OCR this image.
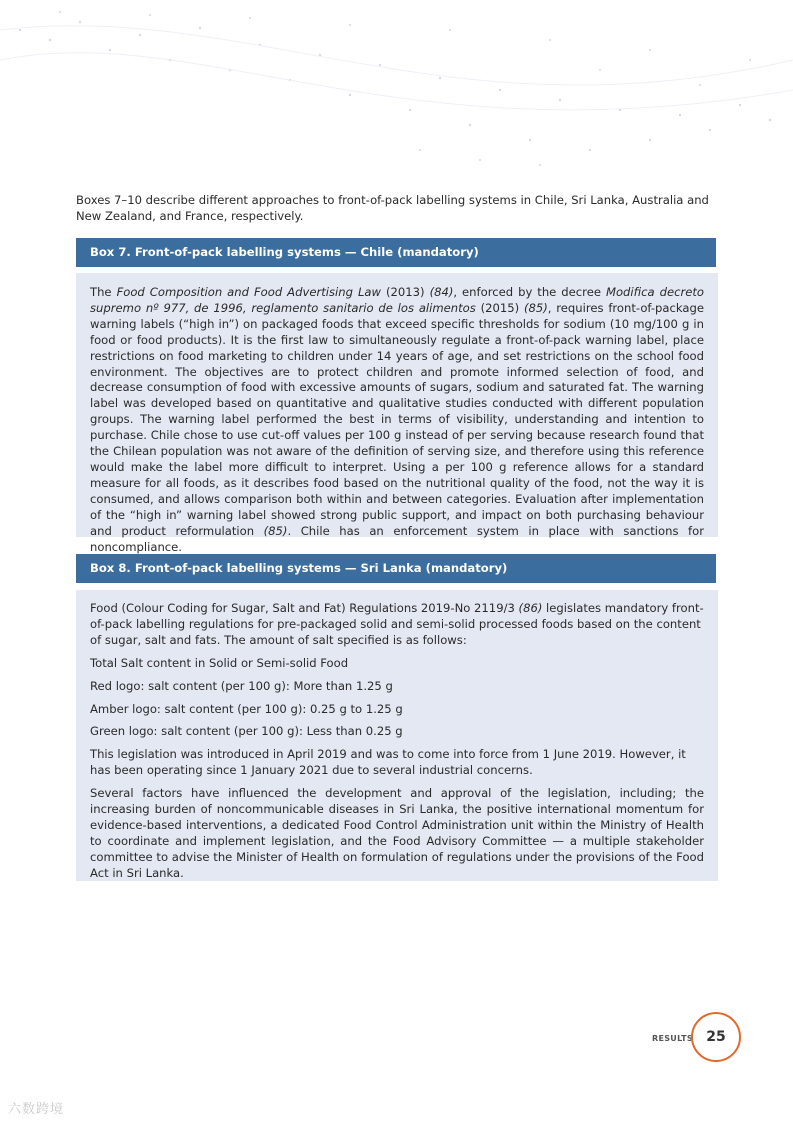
Boxes 7–10 describe different approaches to front-of-pack labelling systems in Chile, Sri Lanka, Australia and New Zealand, and France, respectively.

Box 7. Front-of-pack labelling systems — Chile (mandatory)

The Food Composition and Food Advertising Law (2013) (84), enforced by the decree Modifica decreto supremo nº 977, de 1996, reglamento sanitario de los alimentos (2015) (85), requires front-of-package warning labels (“high in”) on packaged foods that exceed specific thresholds for sodium (10 mg/100 g in food or food products). It is the first law to simultaneously regulate a front-of-pack warning label, place restrictions on food marketing to children under 14 years of age, and set restrictions on the school food environment. The objectives are to protect children and promote informed selection of food, and decrease consumption of food with excessive amounts of sugars, sodium and saturated fat. The warning label was developed based on quantitative and qualitative studies conducted with different population groups. The warning label performed the best in terms of visibility, understanding and intention to purchase. Chile chose to use cut-off values per 100 g instead of per serving because research found that the Chilean population was not aware of the definition of serving size, and therefore using this reference would make the label more difficult to interpret. Using a per 100 g reference allows for a standard measure for all foods, as it describes food based on the nutritional quality of the food, not the way it is consumed, and allows comparison both within and between categories. Evaluation after implementation of the “high in” warning label showed strong public support, and impact on both purchasing behaviour and product reformulation (85). Chile has an enforcement system in place with sanctions for noncompliance.

Box 8. Front-of-pack labelling systems — Sri Lanka (mandatory)

Food (Colour Coding for Sugar, Salt and Fat) Regulations 2019-No 2119/3 (86) legislates mandatory front-of-pack labelling regulations for pre-packaged solid and semi-solid processed foods based on the content of sugar, salt and fats. The amount of salt specified is as follows:

Total Salt content in Solid or Semi-solid Food

Red logo: salt content (per 100 g): More than 1.25 g

Amber logo: salt content (per 100 g): 0.25 g to 1.25 g

Green logo: salt content (per 100 g): Less than 0.25 g

This legislation was introduced in April 2019 and was to come into force from 1 June 2019. However, it has been operating since 1 January 2021 due to several industrial concerns.

Several factors have influenced the development and approval of the legislation, including; the increasing burden of noncommunicable diseases in Sri Lanka, the positive international momentum for evidence-based interventions, a dedicated Food Control Administration unit within the Ministry of Health to coordinate and implement legislation, and the Food Advisory Committee — a multiple stakeholder committee to advise the Minister of Health on formulation of regulations under the provisions of the Food Act in Sri Lanka.

RESULTS 25
六数跨境
